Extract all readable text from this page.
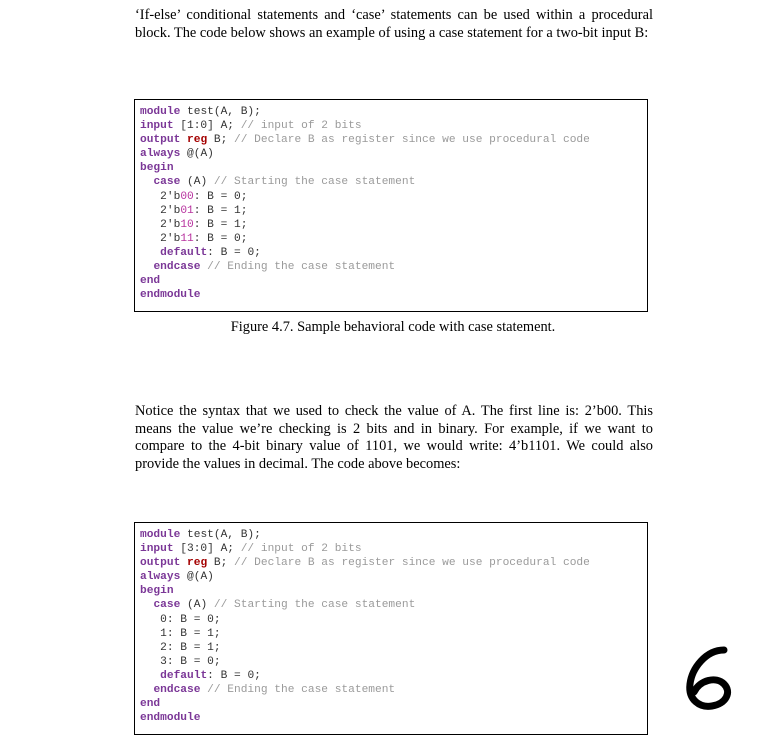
‘If-else’ conditional statements and ‘case’ statements can be used within a procedural block. The code below shows an example of using a case statement for a two-bit input B:

module test(A, B);
input [1:0] A; // input of 2 bits
output reg B; // Declare B as register since we use procedural code
always @(A)
begin
case (A) // Starting the case statement
2'b00: B = 0;
2'b01: B = 1;
2'b10: B = 1;
2'b11: B = 0;
default: B = 0;
endcase // Ending the case statement
end
endmodule

Figure 4.7. Sample behavioral code with case statement.

Notice the syntax that we used to check the value of A. The first line is: 2’b00. This means the value we’re checking is 2 bits and in binary. For example, if we want to compare to the 4-bit binary value of 1101, we would write: 4’b1101. We could also provide the values in decimal. The code above becomes:

module test(A, B);
input [3:0] A; // input of 2 bits
output reg B; // Declare B as register since we use procedural code
always @(A)
begin
case (A) // Starting the case statement
0: B = 0;
1: B = 1;
2: B = 1;
3: B = 0;
default: B = 0;
endcase // Ending the case statement
end
endmodule
